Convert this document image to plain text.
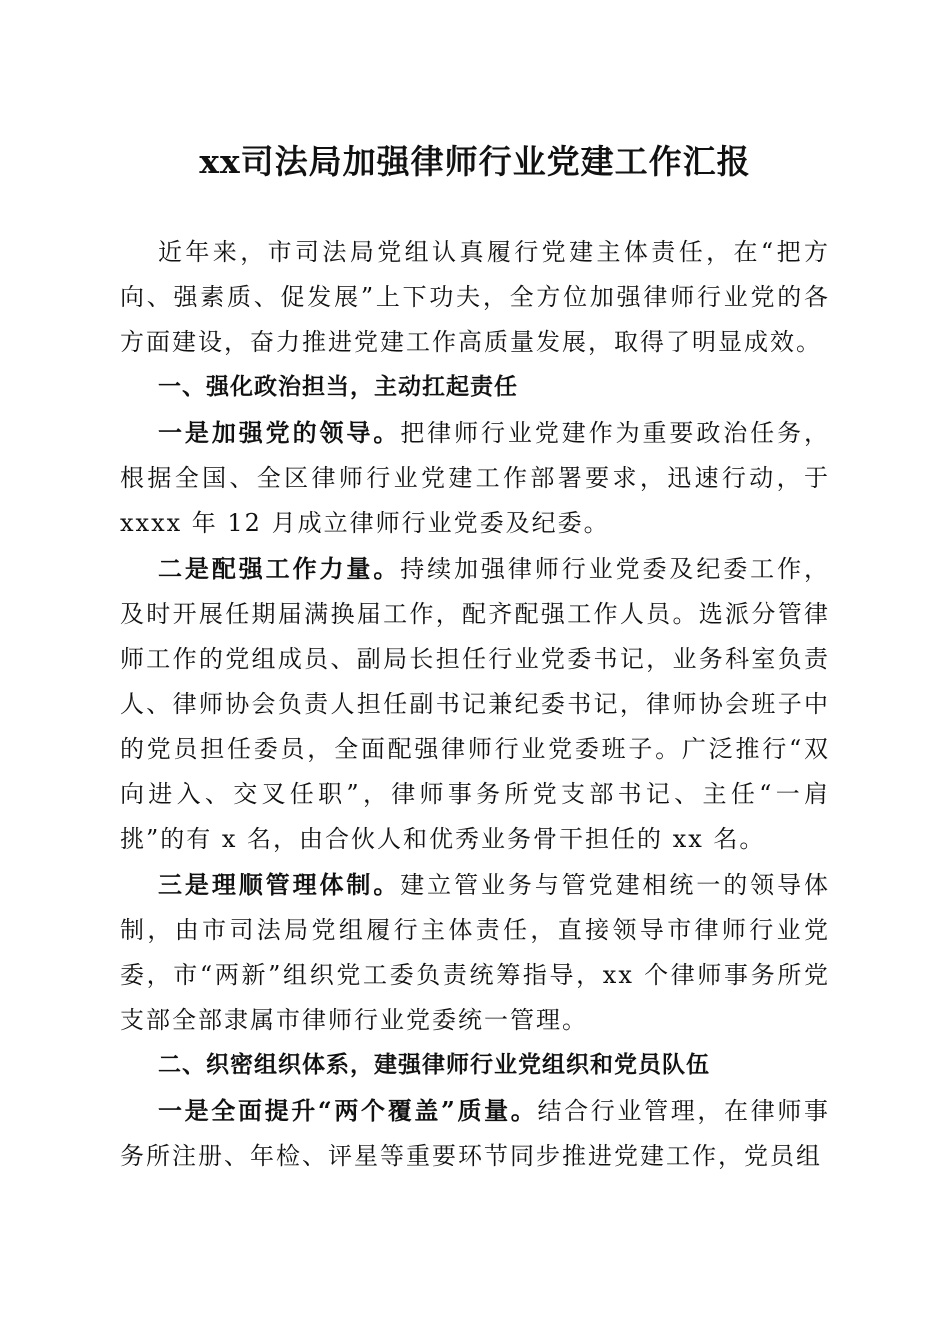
xx司法局加强律师行业党建工作汇报

近年来，市司法局党组认真履行党建主体责任，在“把方向、强素质、促发展”上下功夫，全方位加强律师行业党的各方面建设，奋力推进党建工作高质量发展，取得了明显成效。

一、强化政治担当，主动扛起责任

一是加强党的领导。把律师行业党建作为重要政治任务，根据全国、全区律师行业党建工作部署要求，迅速行动，于 xxxx 年 12 月成立律师行业党委及纪委。

二是配强工作力量。持续加强律师行业党委及纪委工作，及时开展任期届满换届工作，配齐配强工作人员。选派分管律师工作的党组成员、副局长担任行业党委书记，业务科室负责人、律师协会负责人担任副书记兼纪委书记，律师协会班子中的党员担任委员，全面配强律师行业党委班子。广泛推行“双向进入、交叉任职”，律师事务所党支部书记、主任“一肩挑”的有 x 名，由合伙人和优秀业务骨干担任的 xx 名。

三是理顺管理体制。建立管业务与管党建相统一的领导体制，由市司法局党组履行主体责任，直接领导市律师行业党委，市“两新”组织党工委负责统筹指导，xx 个律师事务所党支部全部隶属市律师行业党委统一管理。

二、织密组织体系，建强律师行业党组织和党员队伍

一是全面提升“两个覆盖”质量。结合行业管理，在律师事务所注册、年检、评星等重要环节同步推进党建工作，党员组
